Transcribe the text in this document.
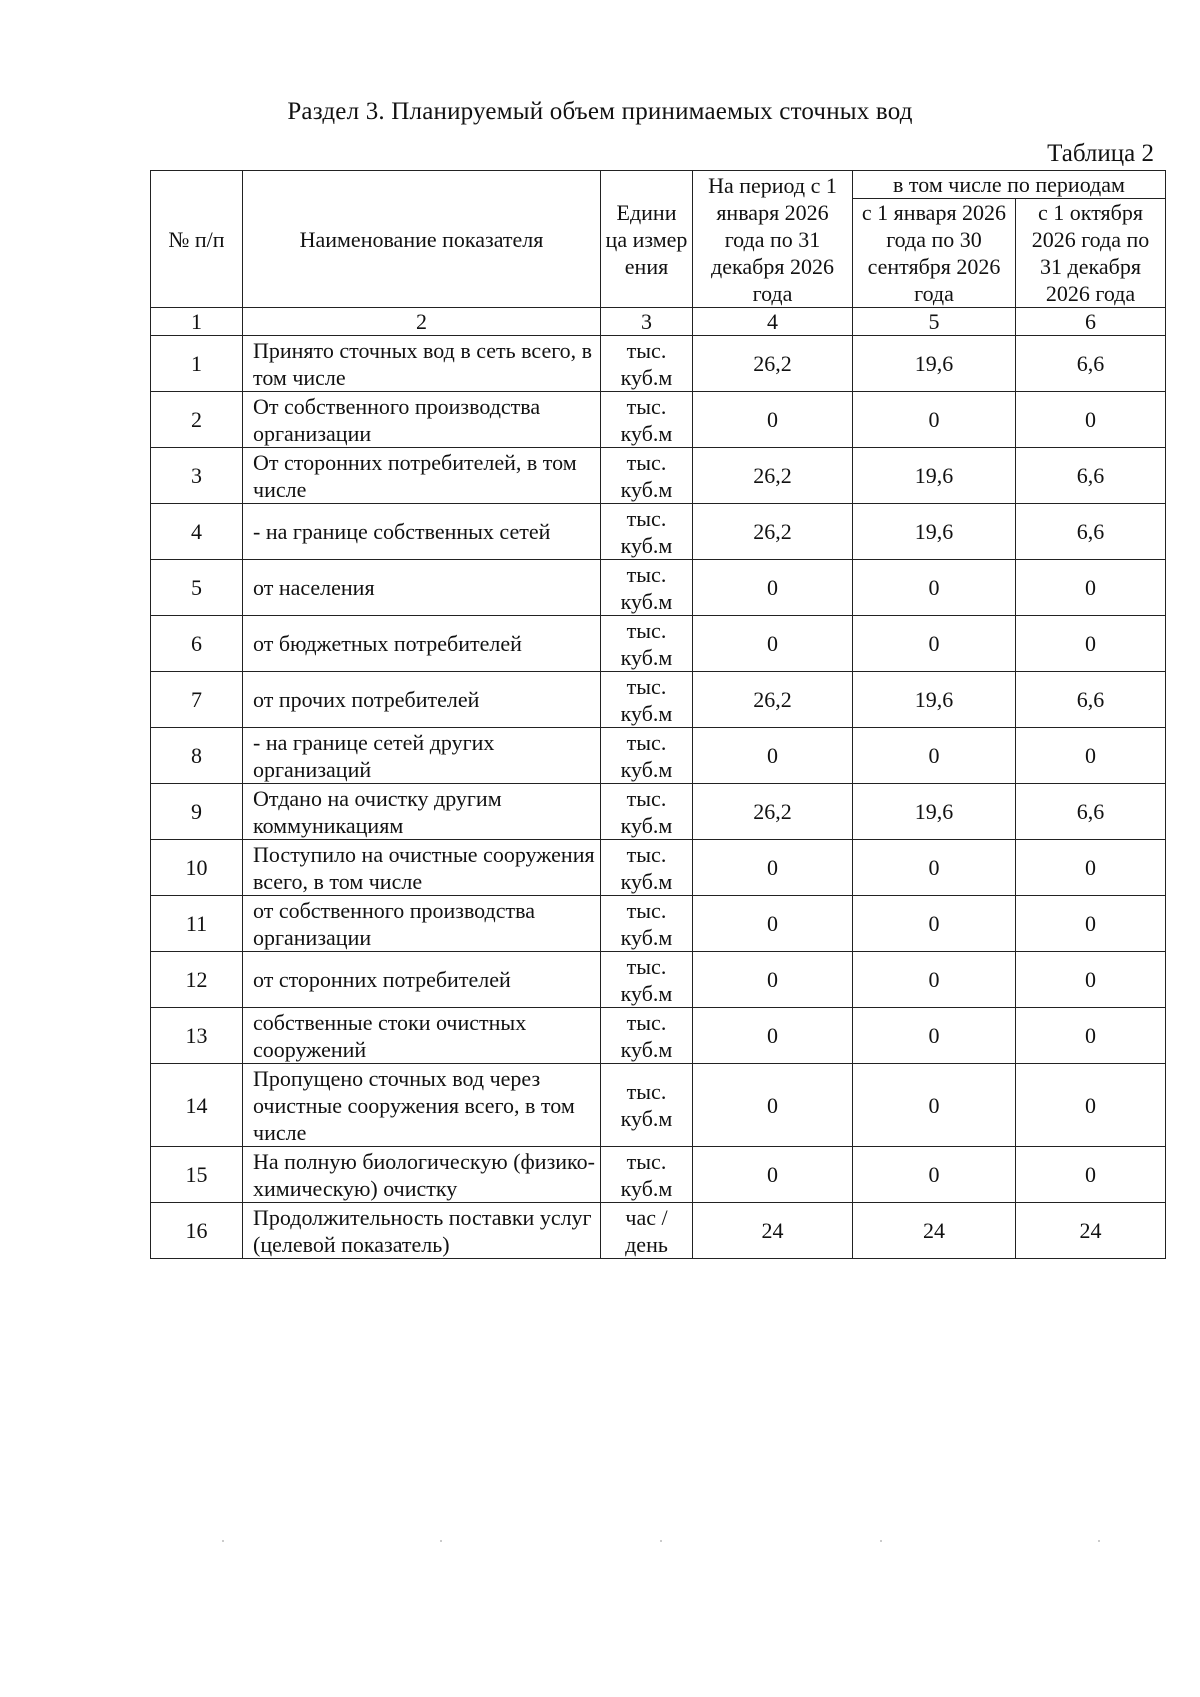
Раздел 3. Планируемый объем принимаемых сточных вод
Таблица 2
№ п/п	Наименование показателя	Едини ца измер ения	На период с 1 января 2026 года по 31 декабря 2026 года	в том числе по периодам	
				с 1 января 2026 года по 30 сентября 2026 года	с 1 октября 2026 года по 31 декабря 2026 года
1	2	3	4	5	6
1	Принято сточных вод в сеть всего, в том числе	тыс. куб.м	26,2	19,6	6,6
2	От собственного производства организации	тыс. куб.м	0	0	0
3	От сторонних потребителей, в том числе	тыс. куб.м	26,2	19,6	6,6
4	- на границе собственных сетей	тыс. куб.м	26,2	19,6	6,6
5	от населения	тыс. куб.м	0	0	0
6	от бюджетных потребителей	тыс. куб.м	0	0	0
7	от прочих потребителей	тыс. куб.м	26,2	19,6	6,6
8	- на границе сетей других организаций	тыс. куб.м	0	0	0
9	Отдано на очистку другим коммуникациям	тыс. куб.м	26,2	19,6	6,6
10	Поступило на очистные сооружения всего, в том числе	тыс. куб.м	0	0	0
11	от собственного производства организации	тыс. куб.м	0	0	0
12	от сторонних потребителей	тыс. куб.м	0	0	0
13	собственные стоки очистных сооружений	тыс. куб.м	0	0	0
14	Пропущено сточных вод через очистные сооружения всего, в том числе	тыс. куб.м	0	0	0
15	На полную биологическую (физико-химическую) очистку	тыс. куб.м	0	0	0
16	Продолжительность поставки услуг (целевой показатель)	час /день	24	24	24
